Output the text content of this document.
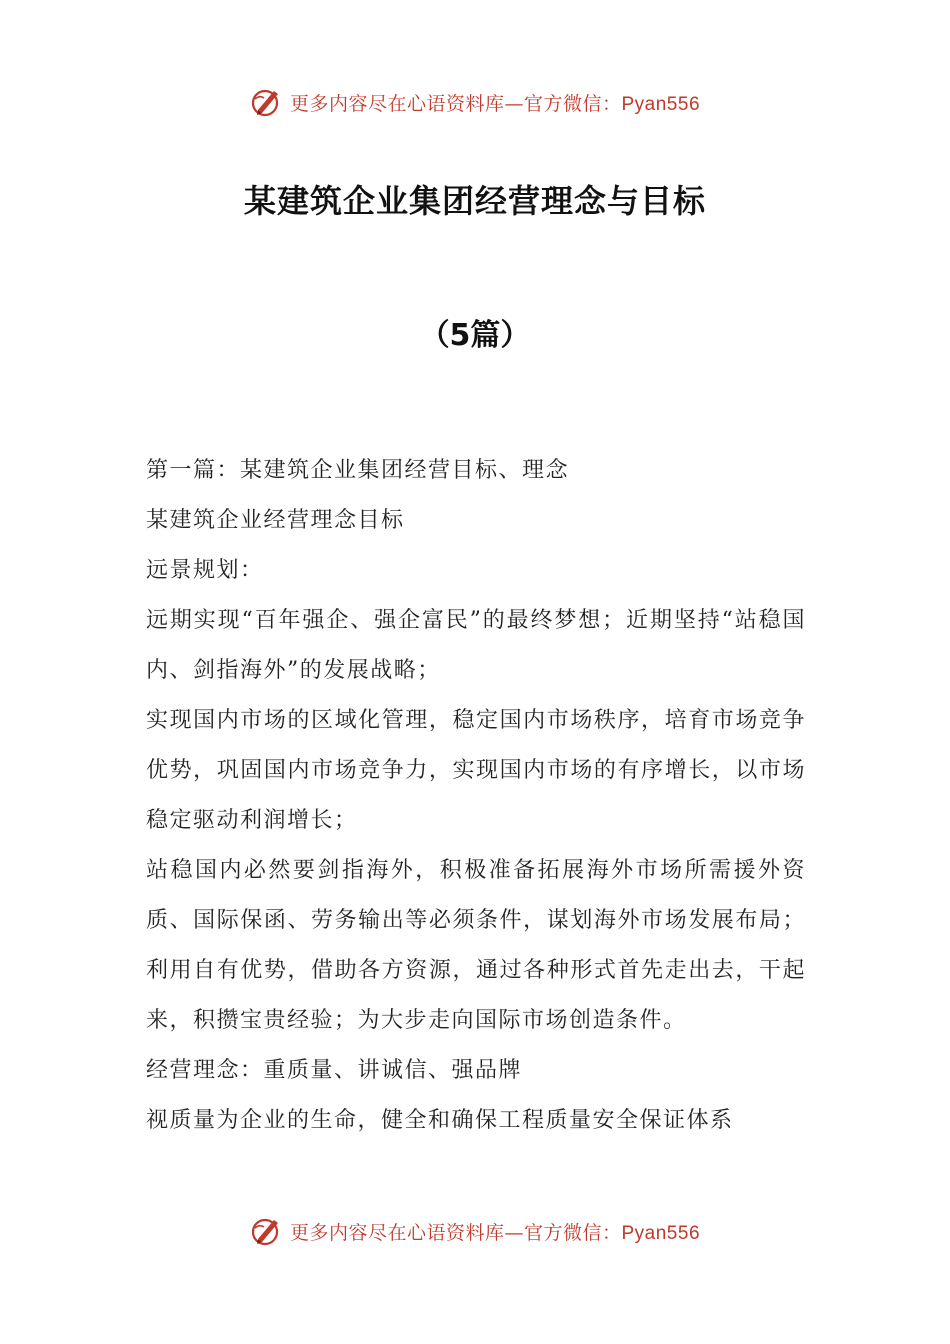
更多内容尽在心语资料库—官方微信：Pyan556
某建筑企业集团经营理念与目标
（5篇）

第一篇：某建筑企业集团经营目标、理念

某建筑企业经营理念目标

远景规划：

远期实现“百年强企、强企富民”的最终梦想；近期坚持“站稳国内、剑指海外”的发展战略；

实现国内市场的区域化管理，稳定国内市场秩序，培育市场竞争优势，巩固国内市场竞争力，实现国内市场的有序增长，以市场稳定驱动利润增长；

站稳国内必然要剑指海外，积极准备拓展海外市场所需援外资质、国际保函、劳务输出等必须条件，谋划海外市场发展布局；利用自有优势，借助各方资源，通过各种形式首先走出去，干起来，积攒宝贵经验；为大步走向国际市场创造条件。

经营理念：重质量、讲诚信、强品牌

视质量为企业的生命，健全和确保工程质量安全保证体系

更多内容尽在心语资料库—官方微信：Pyan556
